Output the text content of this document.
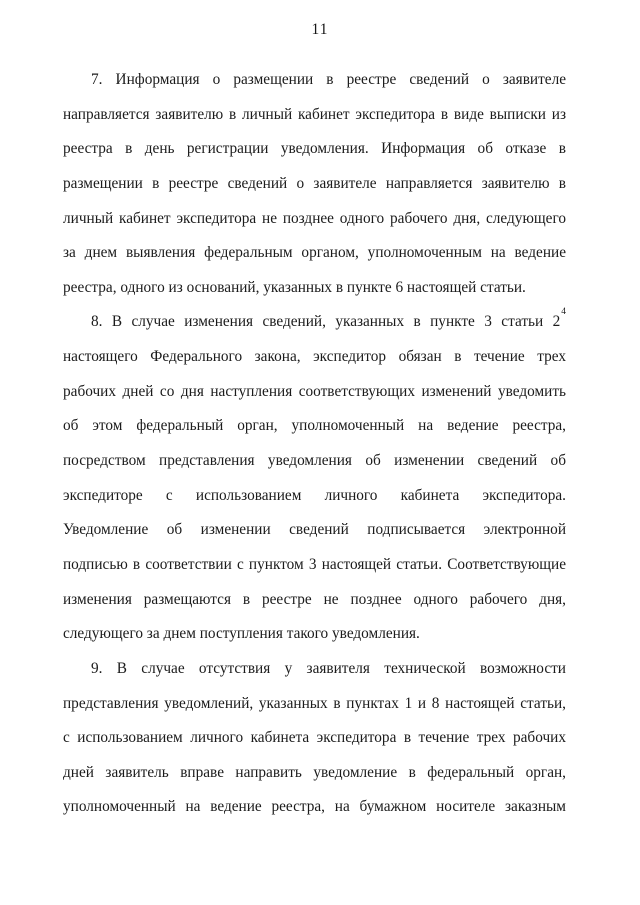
11
7. Информация о размещении в реестре сведений о заявителе
направляется заявителю в личный кабинет экспедитора в виде выписки из
реестра в день регистрации уведомления. Информация об отказе в
размещении в реестре сведений о заявителе направляется заявителю в
личный кабинет экспедитора не позднее одного рабочего дня, следующего
за днем выявления федеральным органом, уполномоченным на ведение
реестра, одного из оснований, указанных в пункте 6 настоящей статьи.
8. В случае изменения сведений, указанных в пункте 3 статьи $2^4$
настоящего Федерального закона, экспедитор обязан в течение трех
рабочих дней со дня наступления соответствующих изменений уведомить
об этом федеральный орган, уполномоченный на ведение реестра,
посредством представления уведомления об изменении сведений об
экспедиторе с использованием личного кабинета экспедитора.
Уведомление об изменении сведений подписывается электронной
подписью в соответствии с пунктом 3 настоящей статьи. Соответствующие
изменения размещаются в реестре не позднее одного рабочего дня,
следующего за днем поступления такого уведомления.
9. В случае отсутствия у заявителя технической возможности
представления уведомлений, указанных в пунктах 1 и 8 настоящей статьи,
с использованием личного кабинета экспедитора в течение трех рабочих
дней заявитель вправе направить уведомление в федеральный орган,
уполномоченный на ведение реестра, на бумажном носителе заказным
